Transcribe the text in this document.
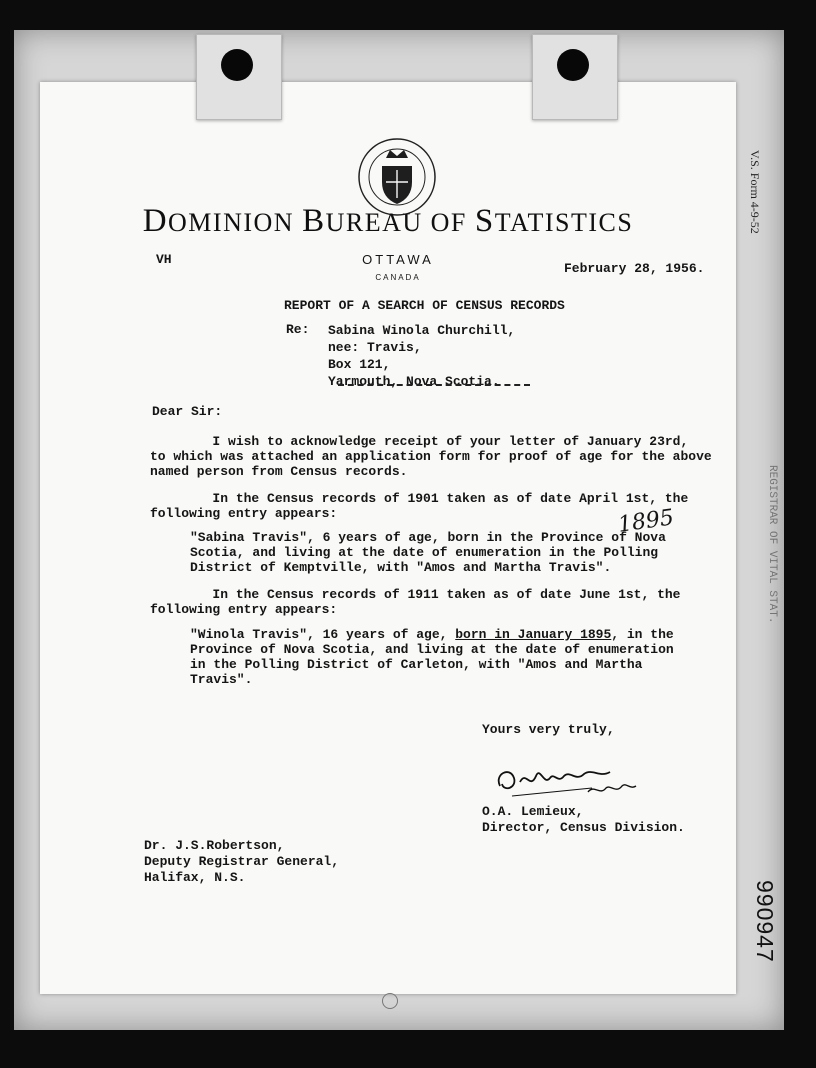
V.S. Form 4-9-52
REGISTRAR OF VITAL STAT.
990947
DOMINION BUREAU OF STATISTICS
OTTAWA
CANADA
VH
February 28, 1956.
REPORT OF A SEARCH OF CENSUS RECORDS
Re: Sabina Winola Churchill,
nee: Travis,
Box 121,
Yarmouth, Nova Scotia.
Dear Sir:
I wish to acknowledge receipt of your letter of January 23rd,
to which was attached an application form for proof of age for the above
named person from Census records.
In the Census records of 1901 taken as of date April 1st, the
following entry appears:
"Sabina Travis", 6 years of age, born in the Province of Nova
Scotia, and living at the date of enumeration in the Polling
District of Kemptville, with "Amos and Martha Travis".
1895
In the Census records of 1911 taken as of date June 1st, the
following entry appears:
"Winola Travis", 16 years of age, born in January 1895, in the
Province of Nova Scotia, and living at the date of enumeration
in the Polling District of Carleton, with "Amos and Martha
Travis".
Yours very truly,
O.A. Lemieux,
Director, Census Division.
Dr. J.S.Robertson,
Deputy Registrar General,
Halifax, N.S.
